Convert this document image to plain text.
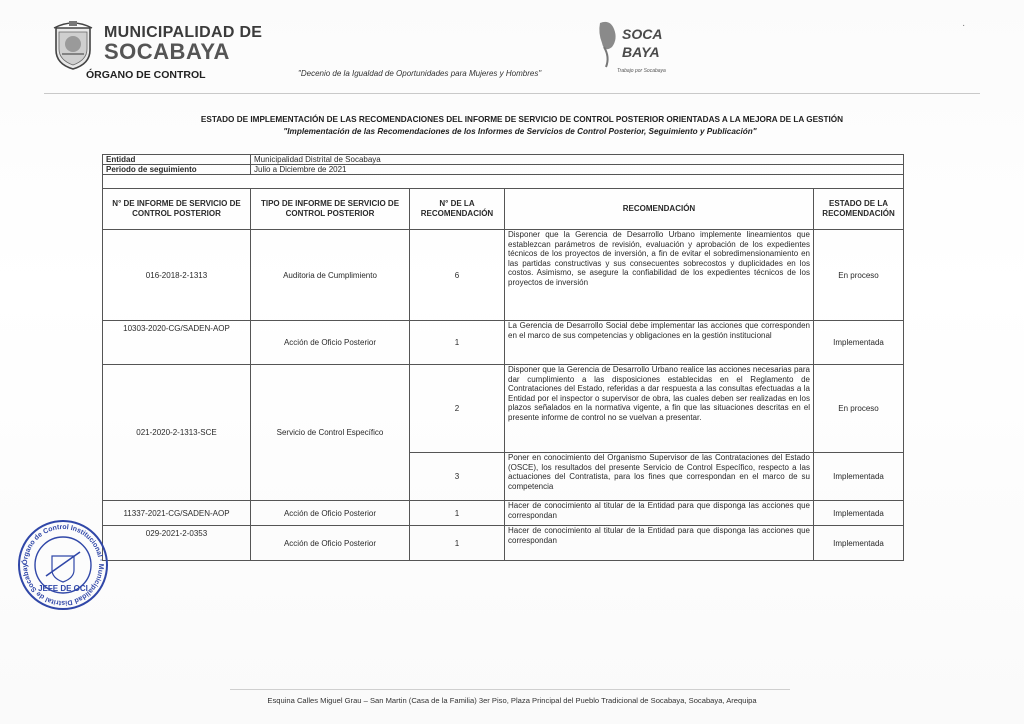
MUNICIPALIDAD DE
SOCABAYA
ÓRGANO DE CONTROL	"Decenio de la Igualdad de Oportunidades para Mujeres y Hombres"
SOCA
BAYA
Trabajo por Socabaya
·
ESTADO DE IMPLEMENTACIÓN DE LAS RECOMENDACIONES DEL INFORME DE SERVICIO DE CONTROL POSTERIOR ORIENTADAS A LA MEJORA DE LA GESTIÓN
"Implementación de las Recomendaciones de los Informes de Servicios de Control Posterior, Seguimiento y Publicación"
Entidad	Municipalidad Distrital de Socabaya			
Periodo de seguimiento	Julio a Diciembre de 2021			

N° DE INFORME DE SERVICIO DE CONTROL POSTERIOR	TIPO DE INFORME DE SERVICIO DE CONTROL POSTERIOR	N° DE LA RECOMENDACIÓN	RECOMENDACIÓN	ESTADO DE LA RECOMENDACIÓN
016-2018-2-1313	Auditoria de Cumplimiento	6	Disponer que la Gerencia de Desarrollo Urbano implemente lineamientos que establezcan parámetros de revisión, evaluación y aprobación de los expedientes técnicos de los proyectos de inversión, a fin de evitar el sobredimensionamiento en las partidas constructivas y sus consecuentes sobrecostos y duplicidades en los costos. Asimismo, se asegure la confiabilidad de los expedientes técnicos de los proyectos de inversión	En proceso
10303-2020-CG/SADEN-AOP	Acción de Oficio Posterior	1	La Gerencia de Desarrollo Social debe implementar las acciones que corresponden en el marco de sus competencias y obligaciones en la gestión institucional	Implementada
021-2020-2-1313-SCE	Servicio de Control Específico	2	Disponer que la Gerencia de Desarrollo Urbano realice las acciones necesarias para dar cumplimiento a las disposiciones establecidas en el Reglamento de Contrataciones del Estado, referidas a dar respuesta a las consultas efectuadas a la Entidad por el inspector o supervisor de obra, las cuales deben ser realizadas en los plazos señalados en la normativa vigente, a fin que las situaciones descritas en el presente informe de control no se vuelvan a presentar.	En proceso
		3	Poner en conocimiento del Organismo Supervisor de las Contrataciones del Estado (OSCE), los resultados del presente Servicio de Control Específico, respecto a las actuaciones del Contratista, para los fines que correspondan en el marco de su competencia	Implementada
11337-2021-CG/SADEN-AOP	Acción de Oficio Posterior	1	Hacer de conocimiento al titular de la Entidad para que disponga las acciones que correspondan	Implementada
029-2021-2-0353	Acción de Oficio Posterior	1	Hacer de conocimiento al titular de la Entidad para que disponga las acciones que correspondan	Implementada
Órgano de Control Institucional · Municipalidad Distrital de Socabay
JEFE DE OCI
Esquina Calles Miguel Grau – San Martin (Casa de la Familia) 3er Piso, Plaza Principal del Pueblo Tradicional de Socabaya, Socabaya, Arequipa
